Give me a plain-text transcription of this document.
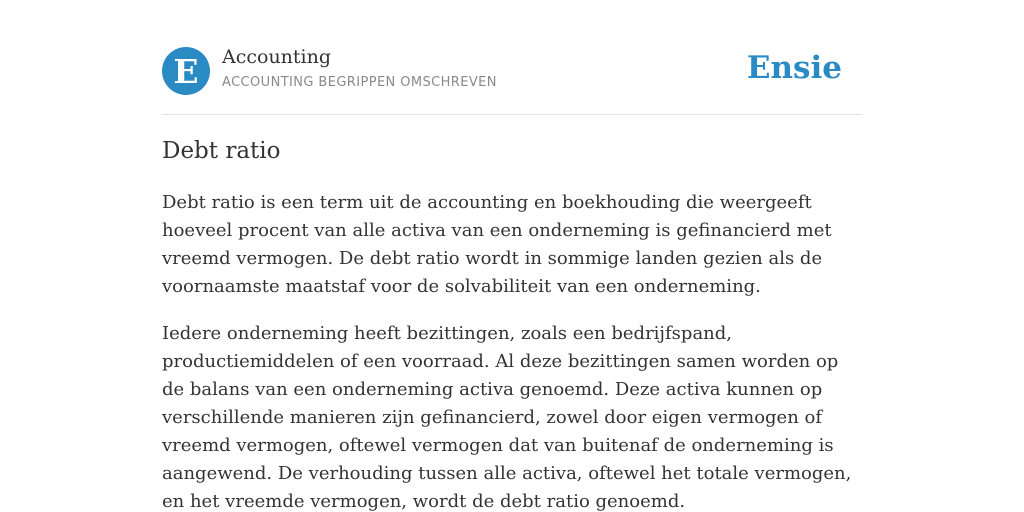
E Accounting
ACCOUNTING BEGRIPPEN OMSCHREVEN	Ensie
Debt ratio

Debt ratio is een term uit de accounting en boekhouding die weergeeft hoeveel procent van alle activa van een onderneming is gefinancierd met vreemd vermogen. De debt ratio wordt in sommige landen gezien als de voornaamste maatstaf voor de solvabiliteit van een onderneming.

Iedere onderneming heeft bezittingen, zoals een bedrijfspand, productiemiddelen of een voorraad. Al deze bezittingen samen worden op de balans van een onderneming activa genoemd. Deze activa kunnen op verschillende manieren zijn gefinancierd, zowel door eigen vermogen of vreemd vermogen, oftewel vermogen dat van buitenaf de onderneming is aangewend. De verhouding tussen alle activa, oftewel het totale vermogen, en het vreemde vermogen, wordt de debt ratio genoemd.
